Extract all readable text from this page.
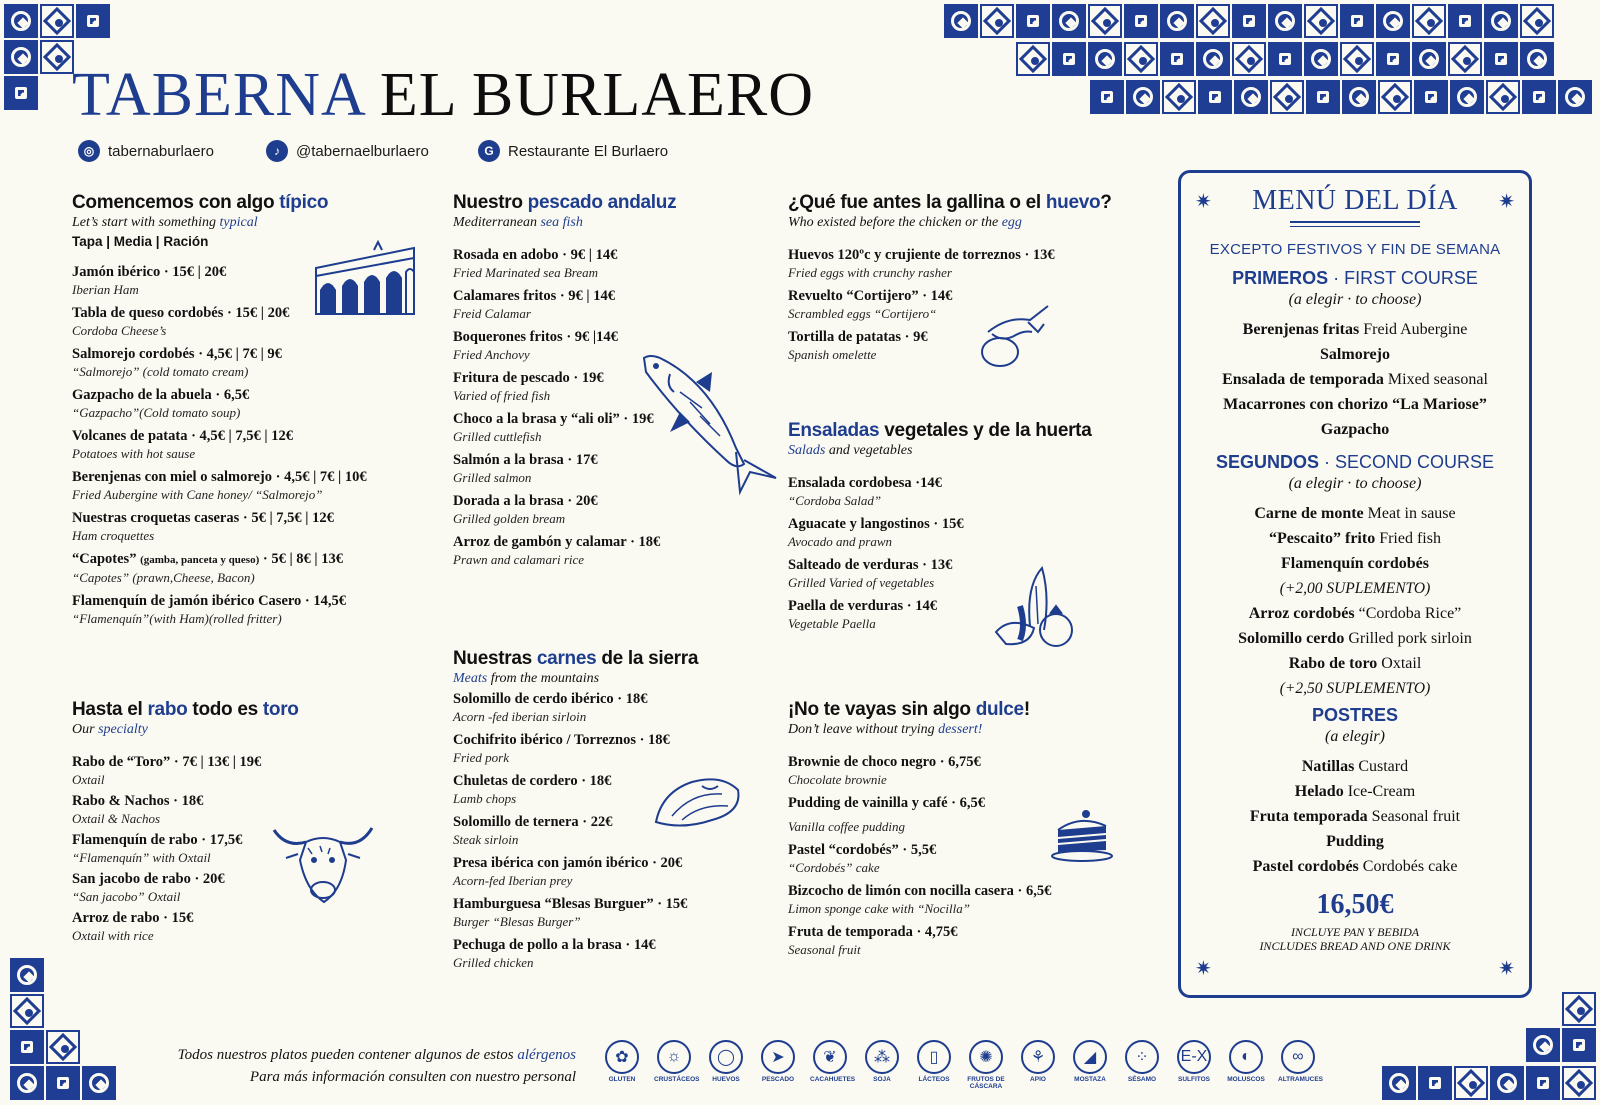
TABERNA EL BURLAERO
◎ tabernaburlaero	♪	@tabernaelburlaero	G Restaurante El Burlaero
Comencemos con algo típico
Let’s start with something typical
Tapa | Media | Ración
Jamón ibérico · 15€ | 20€
Iberian Ham
Tabla de queso cordobés · 15€ | 20€
Cordoba Cheese’s
Salmorejo cordobés · 4,5€ | 7€ | 9€
“Salmorejo” (cold tomato cream)
Gazpacho de la abuela · 6,5€
“Gazpacho”(Cold tomato soup)
Volcanes de patata · 4,5€ | 7,5€ | 12€
Potatoes with hot sause
Berenjenas con miel o salmorejo · 4,5€ | 7€ | 10€
Fried Aubergine with Cane honey/ “Salmorejo”
Nuestras croquetas caseras · 5€ | 7,5€ | 12€
Ham croquettes
“Capotes” (gamba, panceta y queso) · 5€ | 8€ | 13€
“Capotes” (prawn,Cheese, Bacon)
Flamenquín de jamón ibérico Casero · 14,5€
“Flamenquín”(with Ham)(rolled fritter)
Hasta el rabo todo es toro
Our specialty
Rabo de “Toro” · 7€ | 13€ | 19€
Oxtail
Rabo & Nachos · 18€
Oxtail & Nachos
Flamenquín de rabo · 17,5€
“Flamenquín” with Oxtail
San jacobo de rabo · 20€
“San jacobo” Oxtail
Arroz de rabo · 15€
Oxtail with rice
Nuestro pescado andaluz
Mediterranean sea fish
Rosada en adobo · 9€ | 14€
Fried Marinated sea Bream
Calamares fritos · 9€ | 14€
Freid Calamar
Boquerones fritos · 9€ |14€
Fried Anchovy
Fritura de pescado · 19€
Varied of fried fish
Choco a la brasa y “ali oli” · 19€
Grilled cuttlefish
Salmón a la brasa · 17€
Grilled salmon
Dorada a la brasa · 20€
Grilled golden bream
Arroz de gambón y calamar · 18€
Prawn and calamari rice
Nuestras carnes de la sierra
Meats from the mountains
Solomillo de cerdo ibérico · 18€
Acorn -fed iberian sirloin
Cochifrito ibérico / Torreznos · 18€
Fried pork
Chuletas de cordero · 18€
Lamb chops
Solomillo de ternera · 22€
Steak sirloin
Presa ibérica con jamón ibérico · 20€
Acorn-fed Iberian prey
Hamburguesa “Blesas Burguer” · 15€
Burger “Blesas Burger”
Pechuga de pollo a la brasa · 14€
Grilled chicken
¿Qué fue antes la gallina o el huevo?
Who existed before the chicken or the egg
Huevos 120ºc y crujiente de torreznos · 13€
Fried eggs with crunchy rasher
Revuelto “Cortijero” · 14€
Scrambled eggs “Cortijero“
Tortilla de patatas · 9€
Spanish omelette
Ensaladas vegetales y de la huerta
Salads and vegetables
Ensalada cordobesa ·14€
“Cordoba Salad”
Aguacate y langostinos · 15€
Avocado and prawn
Salteado de verduras · 13€
Grilled Varied of vegetables
Paella de verduras · 14€
Vegetable Paella
¡No te vayas sin algo dulce!
Don’t leave without trying dessert!
Brownie de choco negro · 6,75€
Chocolate brownie
Pudding de vainilla y café · 6,5€
Vanilla coffee pudding
Pastel “cordobés” · 5,5€
“Cordobés” cake
Bizcocho de limón con nocilla casera · 6,5€
Limon sponge cake with “Nocilla”
Fruta de temporada · 4,75€
Seasonal fruit
✷	✷
✷	✷
MENÚ DEL DÍA
EXCEPTO FESTIVOS Y FIN DE SEMANA
PRIMEROS · FIRST COURSE
(a elegir · to choose)
Berenjenas fritas Freid Aubergine
Salmorejo
Ensalada de temporada Mixed seasonal
Macarrones con chorizo “La Mariose”
Gazpacho
SEGUNDOS · SECOND COURSE
(a elegir · to choose)
Carne de monte Meat in sause
“Pescaito” frito Fried fish
Flamenquín cordobés
(+2,00 SUPLEMENTO)
Arroz cordobés “Cordoba Rice”
Solomillo cerdo Grilled pork sirloin
Rabo de toro Oxtail
(+2,50 SUPLEMENTO)
POSTRES
(a elegir)
Natillas Custard
Helado Ice-Cream
Fruta temporada Seasonal fruit
Pudding
Pastel cordobés Cordobés cake
16,50€
INCLUYE PAN Y BEBIDA
INCLUDES BREAD AND ONE DRINK
Todos nuestros platos pueden contener algunos de estos alérgenos
Para más información consulten con nuestro personal
✿
GLUTEN
☼
CRUSTÁCEOS
◯
HUEVOS
➤
PESCADO
❦
CACAHUETES
⁂
SOJA
▯
LÁCTEOS
✺
FRUTOS DE CÁSCARA
⚘
APIO
◢
MOSTAZA
⁘
SÉSAMO
E-X
SULFITOS
◐
MOLUSCOS
∞
ALTRAMUCES
